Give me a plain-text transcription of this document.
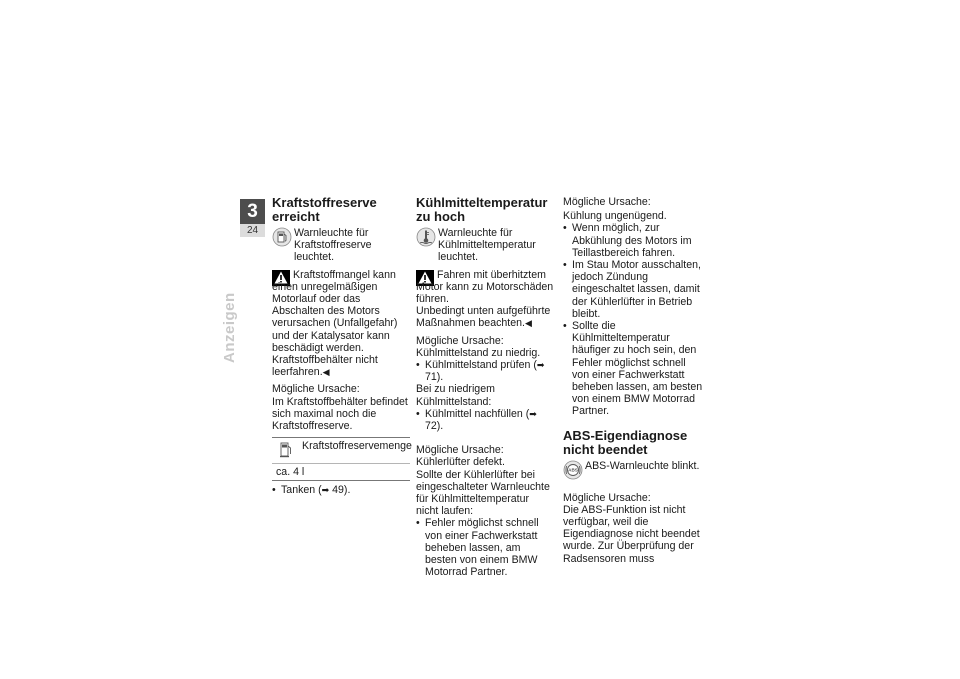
3
24
Anzeigen
Kraftstoffreserve erreicht
Warnleuchte für Kraftstoffreserve leuchtet.

Kraftstoffmangel kann einen unregelmäßigen Motorlauf oder das Abschalten des Motors verursachen (Unfallgefahr) und der Katalysator kann beschädigt werden.
Kraftstoffbehälter nicht leerfahren.◀

Mögliche Ursache:

Im Kraftstoffbehälter befindet sich maximal noch die Kraftstoffreserve.

Kraftstoffreservemenge
ca. 4 l
• Tanken (➡ 49).
Kühlmitteltemperatur zu hoch
Warnleuchte für Kühlmitteltemperatur leuchtet.

Fahren mit überhitztem Motor kann zu Motorschäden führen.
Unbedingt unten aufgeführte Maßnahmen beachten.◀

Mögliche Ursache:

Kühlmittelstand zu niedrig.

• Kühlmittelstand prüfen (➡ 71).

Bei zu niedrigem Kühlmittelstand:

• Kühlmittel nachfüllen (➡ 72).

Mögliche Ursache:

Kühlerlüfter defekt.

Sollte der Kühlerlüfter bei eingeschalteter Warnleuchte für Kühlmitteltemperatur nicht laufen:

• Fehler möglichst schnell von einer Fachwerkstatt beheben lassen, am besten von einem BMW Motorrad Partner.

Mögliche Ursache:

Kühlung ungenügend.

• Wenn möglich, zur Abkühlung des Motors im Teillastbereich fahren.
• Im Stau Motor ausschalten, jedoch Zündung eingeschaltet lassen, damit der Kühlerlüfter in Betrieb bleibt.
• Sollte die Kühlmitteltemperatur häufiger zu hoch sein, den Fehler möglichst schnell von einer Fachwerkstatt beheben lassen, am besten von einem BMW Motorrad Partner.
ABS-Eigendiagnose nicht beendet
ABS ABS-Warnleuchte blinkt.

Mögliche Ursache:

Die ABS-Funktion ist nicht verfügbar, weil die Eigendiagnose nicht beendet wurde. Zur Überprüfung der Radsensoren muss
